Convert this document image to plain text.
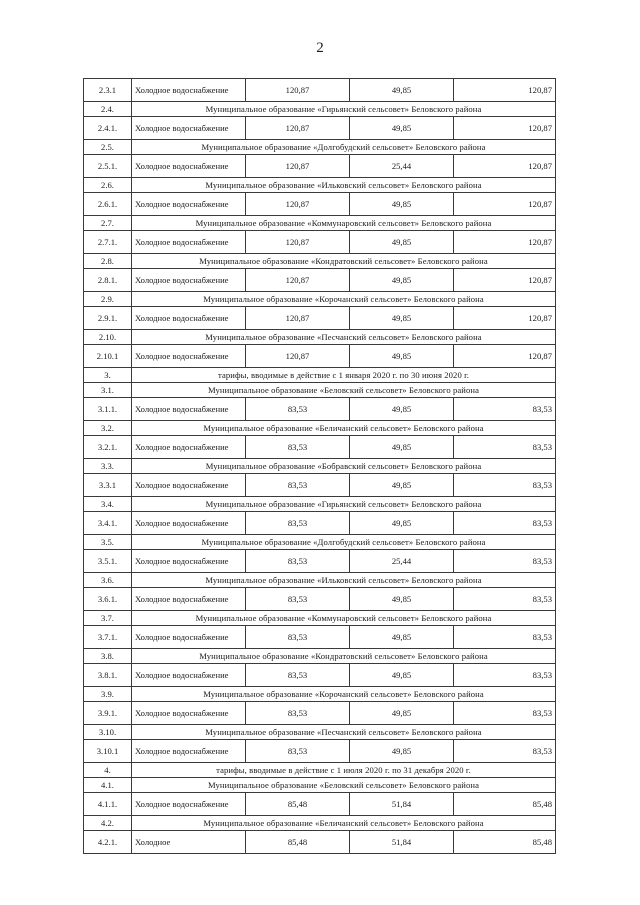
2
2.3.1	Холодное водоснабжение	120,87	49,85	120,87
2.4.	Муниципальное образование «Гирьянский сельсовет» Беловского района			
2.4.1.	Холодное водоснабжение	120,87	49,85	120,87
2.5.	Муниципальное образование «Долгобудский сельсовет» Беловского района			
2.5.1.	Холодное водоснабжение	120,87	25,44	120,87
2.6.	Муниципальное образование «Ильковский сельсовет» Беловского района			
2.6.1.	Холодное водоснабжение	120,87	49,85	120,87
2.7.	Муниципальное образование «Коммунаровский сельсовет» Беловского района			
2.7.1.	Холодное водоснабжение	120,87	49,85	120,87
2.8.	Муниципальное образование «Кондратовский сельсовет» Беловского района			
2.8.1.	Холодное водоснабжение	120,87	49,85	120,87
2.9.	Муниципальное образование «Корочанский сельсовет» Беловского района			
2.9.1.	Холодное водоснабжение	120,87	49,85	120,87
2.10.	Муниципальное образование «Песчанский сельсовет» Беловского района			
2.10.1	Холодное водоснабжение	120,87	49,85	120,87
3.	тарифы, вводимые в действие с 1 января 2020 г. по 30 июня 2020 г.			
3.1.	Муниципальное образование «Беловский сельсовет» Беловского района			
3.1.1.	Холодное водоснабжение	83,53	49,85	83,53
3.2.	Муниципальное образование «Беличанский сельсовет» Беловского района			
3.2.1.	Холодное водоснабжение	83,53	49,85	83,53
3.3.	Муниципальное образование «Бобравский сельсовет» Беловского района			
3.3.1	Холодное водоснабжение	83,53	49,85	83,53
3.4.	Муниципальное образование «Гирьянский сельсовет» Беловского района			
3.4.1.	Холодное водоснабжение	83,53	49,85	83,53
3.5.	Муниципальное образование «Долгобудский сельсовет» Беловского района			
3.5.1.	Холодное водоснабжение	83,53	25,44	83,53
3.6.	Муниципальное образование «Ильковский сельсовет» Беловского района			
3.6.1.	Холодное водоснабжение	83,53	49,85	83,53
3.7.	Муниципальное образование «Коммунаровский сельсовет» Беловского района			
3.7.1.	Холодное водоснабжение	83,53	49,85	83,53
3.8.	Муниципальное образование «Кондратовский сельсовет» Беловского района			
3.8.1.	Холодное водоснабжение	83,53	49,85	83,53
3.9.	Муниципальное образование «Корочанский сельсовет» Беловского района			
3.9.1.	Холодное водоснабжение	83,53	49,85	83,53
3.10.	Муниципальное образование «Песчанский сельсовет» Беловского района			
3.10.1	Холодное водоснабжение	83,53	49,85	83,53
4.	тарифы, вводимые в действие с 1 июля 2020 г. по 31 декабря 2020 г.			
4.1.	Муниципальное образование «Беловский сельсовет» Беловского района			
4.1.1.	Холодное водоснабжение	85,48	51,84	85,48
4.2.	Муниципальное образование «Беличанский сельсовет» Беловского района			
4.2.1.	Холодное	85,48	51,84	85,48
